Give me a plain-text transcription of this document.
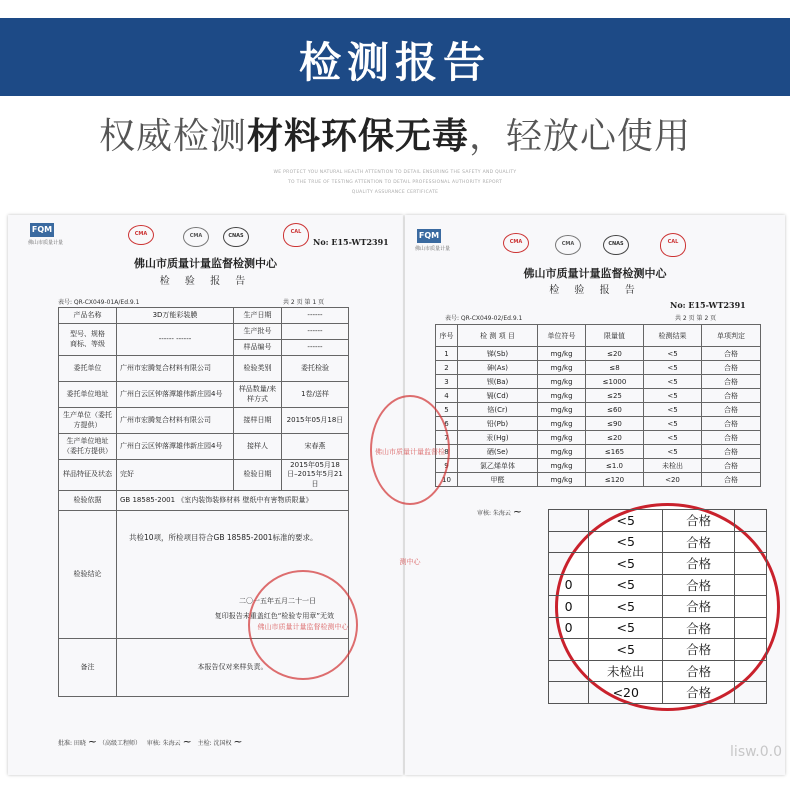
检测报告
权威检测材料环保无毒，轻放心使用
WE PROTECT YOU NATURAL HEALTH ATTENTION TO DETAIL ENSURING THE SAFETY AND QUALITY
TO THE TRUE OF TESTING ATTENTION TO DETAIL PROFESSIONAL AUTHORITY REPORT
QUALITY ASSURANCE CERTIFICATE
FQM
佛山市质量计量
CMA	CMA	CNAS
CAL
No: E15-WT2391
佛山市质量计量监督检测中心
检 验 报 告
表号: QR-CX049-01A/Ed.9.1	共 2 页 第 1 页
产品名称	3D万能彩装膜	生产日期	------
型号、规格
商标、等级	------ ------	生产批号	------
		样品编号	------
委托单位	广州市宏腾复合材料有限公司	检验类别	委托检验
委托单位地址	广州白云区钟落潭雄伟新庄园4号	样品数量/来样方式	1卷/送样
生产单位（委托方提供）	广州市宏腾复合材料有限公司	接样日期	2015年05月18日
生产单位地址（委托方提供）	广州白云区钟落潭雄伟新庄园4号	接样人	宋春燕
样品特征及状态	完好	检验日期	2015年05月18日–2015年5月21日
检验依据	GB 18585-2001 《室内装饰装修材料 壁纸中有害物质限量》		
检验结论	共检10项，所检项目符合GB 18585-2001标准的要求。
二〇一五年五月二十一日
复印报告未重盖红色“检验专用章”无效		

备注	本报告仅对来样负责。		
佛山市质量计量监督检测中心
批准: 田晓 ~ （高级工程师） 审核: 朱海云 ~ 主检: 沈国权 ~
FQM
佛山市质量计量
CMA	CMA	CNAS	CAL
佛山市质量计量监督检测中心
检 验 报 告
No: E15-WT2391
表号: QR-CX049-02/Ed.9.1	共 2 页 第 2 页
序号	检 测 项 目	单位符号	限量值	检测结果	单项判定
1	锑(Sb)	mg/kg	≤20	<5	合格
2	砷(As)	mg/kg	≤8	<5	合格
3	钡(Ba)	mg/kg	≤1000	<5	合格
4	镉(Cd)	mg/kg	≤25	<5	合格
5	铬(Cr)	mg/kg	≤60	<5	合格
6	铅(Pb)	mg/kg	≤90	<5	合格
7	汞(Hg)	mg/kg	≤20	<5	合格
8	硒(Se)	mg/kg	≤165	<5	合格
9	氯乙烯单体	mg/kg	≤1.0	未检出	合格
10	甲醛	mg/kg	≤120	<20	合格
审核: 朱海云 ~
佛山市质量计量监督检测中心
	<5	合格	
	<5	合格	
	<5	合格	
0	<5	合格	
0	<5	合格	
0	<5	合格	
	<5	合格	
	未检出	合格	
	<20	合格	
lisw.0.0
